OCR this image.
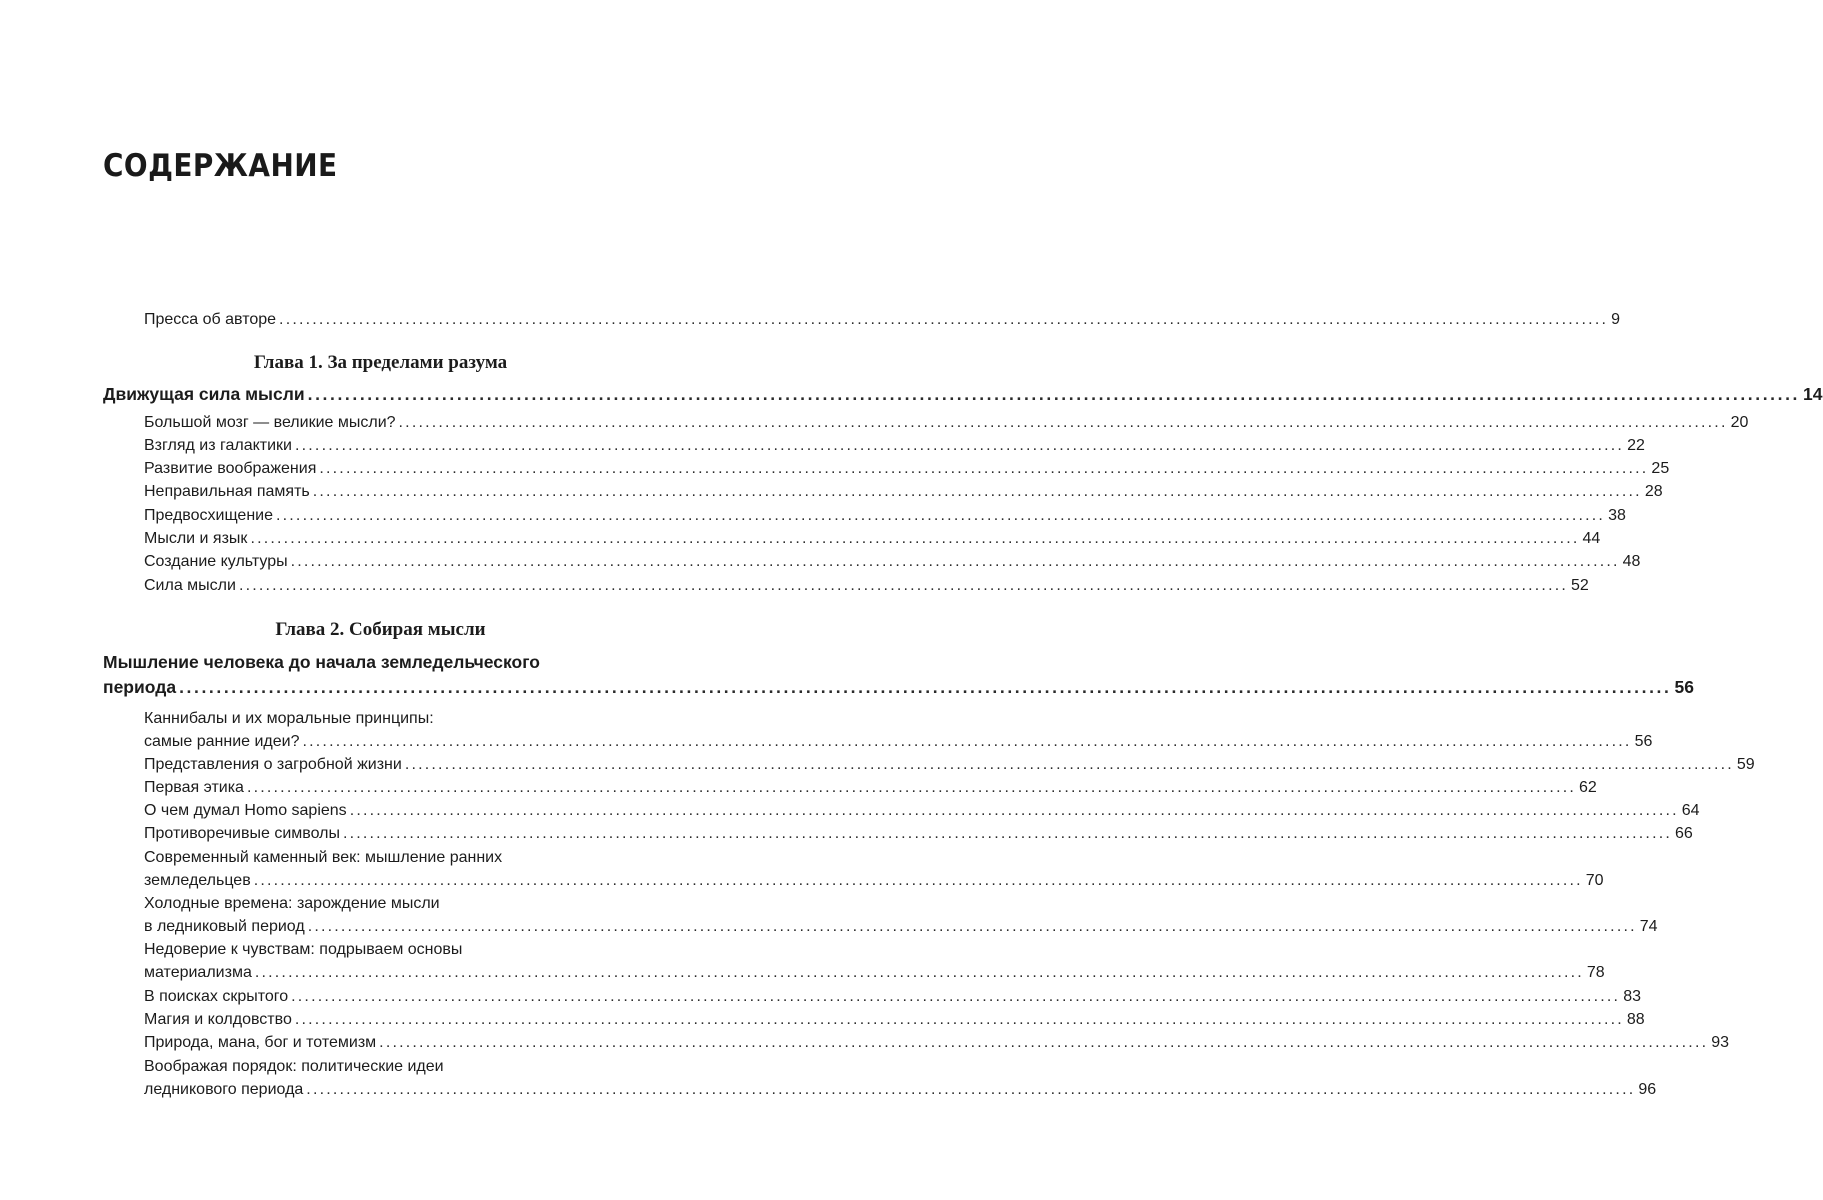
СОДЕРЖАНИЕ
Пресса об авторе ........................................................................................................................................................................................................ 9
Глава 1. За пределами разума
Движущая сила мысли ........................................................................................................................................................................................................ 14
Большой мозг — великие мысли? ........................................................................................................................................................................................................ 20
Взгляд из галактики ........................................................................................................................................................................................................ 22
Развитие воображения ........................................................................................................................................................................................................ 25
Неправильная память ........................................................................................................................................................................................................ 28
Предвосхищение ........................................................................................................................................................................................................ 38
Мысли и язык ........................................................................................................................................................................................................ 44
Создание культуры ........................................................................................................................................................................................................ 48
Сила мысли ........................................................................................................................................................................................................ 52
Глава 2. Собирая мысли
Мышление человека до начала земледельческого
периода ........................................................................................................................................................................................................ 56
Каннибалы и их моральные принципы:
самые ранние идеи? ........................................................................................................................................................................................................ 56
Представления о загробной жизни ........................................................................................................................................................................................................ 59
Первая этика ........................................................................................................................................................................................................ 62
О чем думал Homo sapiens ........................................................................................................................................................................................................ 64
Противоречивые символы ........................................................................................................................................................................................................ 66
Современный каменный век: мышление ранних
земледельцев ........................................................................................................................................................................................................ 70
Холодные времена: зарождение мысли
в ледниковый период ........................................................................................................................................................................................................ 74
Недоверие к чувствам: подрываем основы
материализма ........................................................................................................................................................................................................ 78
В поисках скрытого ........................................................................................................................................................................................................ 83
Магия и колдовство ........................................................................................................................................................................................................ 88
Природа, мана, бог и тотемизм ........................................................................................................................................................................................................ 93
Воображая порядок: политические идеи
ледникового периода ........................................................................................................................................................................................................ 96
